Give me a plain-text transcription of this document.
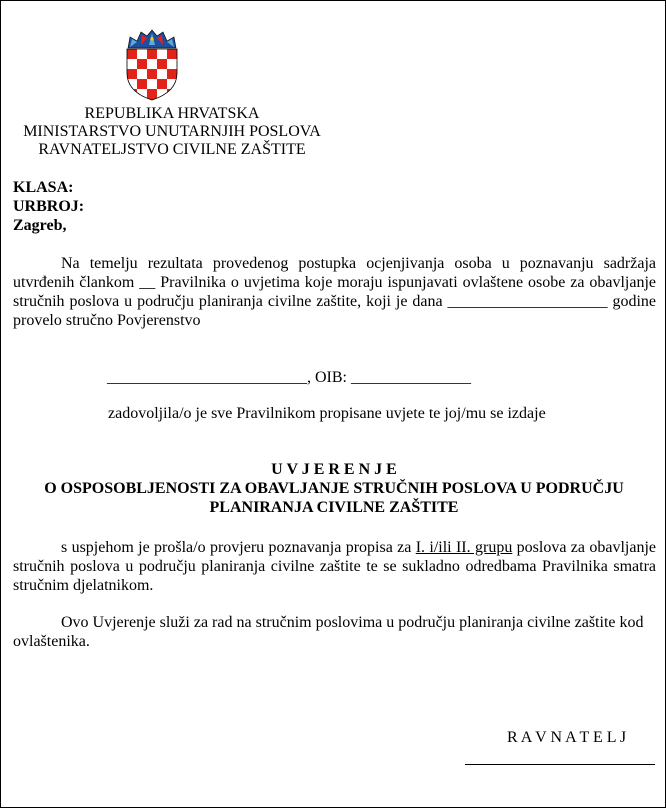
REPUBLIKA HRVATSKA
MINISTARSTVO UNUTARNJIH POSLOVA
RAVNATELJSTVO CIVILNE ZAŠTITE
KLASA:
URBROJ:
Zagreb,
Na temelju rezultata provedenog postupka ocjenjivanja osoba u poznavanju sadržaja utvrđenih člankom __ Pravilnika o uvjetima koje moraju ispunjavati ovlaštene osobe za obavljanje stručnih poslova u području planiranja civilne zaštite, koji je dana ____________________ godine provelo stručno Povjerenstvo
_________________________, OIB: _______________
zadovoljila/o je sve Pravilnikom propisane uvjete te joj/mu se izdaje
U V J E R E N J E
O OSPOSOBLJENOSTI ZA OBAVLJANJE STRUČNIH POSLOVA U PODRUČJU
PLANIRANJA CIVILNE ZAŠTITE
s uspjehom je prošla/o provjeru poznavanja propisa za I. i/ili II. grupu poslova za obavljanje stručnih poslova u području planiranja civilne zaštite te se sukladno odredbama Pravilnika smatra stručnim djelatnikom.
Ovo Uvjerenje služi za rad na stručnim poslovima u području planiranja civilne zaštite kod ovlaštenika.
R A V N A T E L J
